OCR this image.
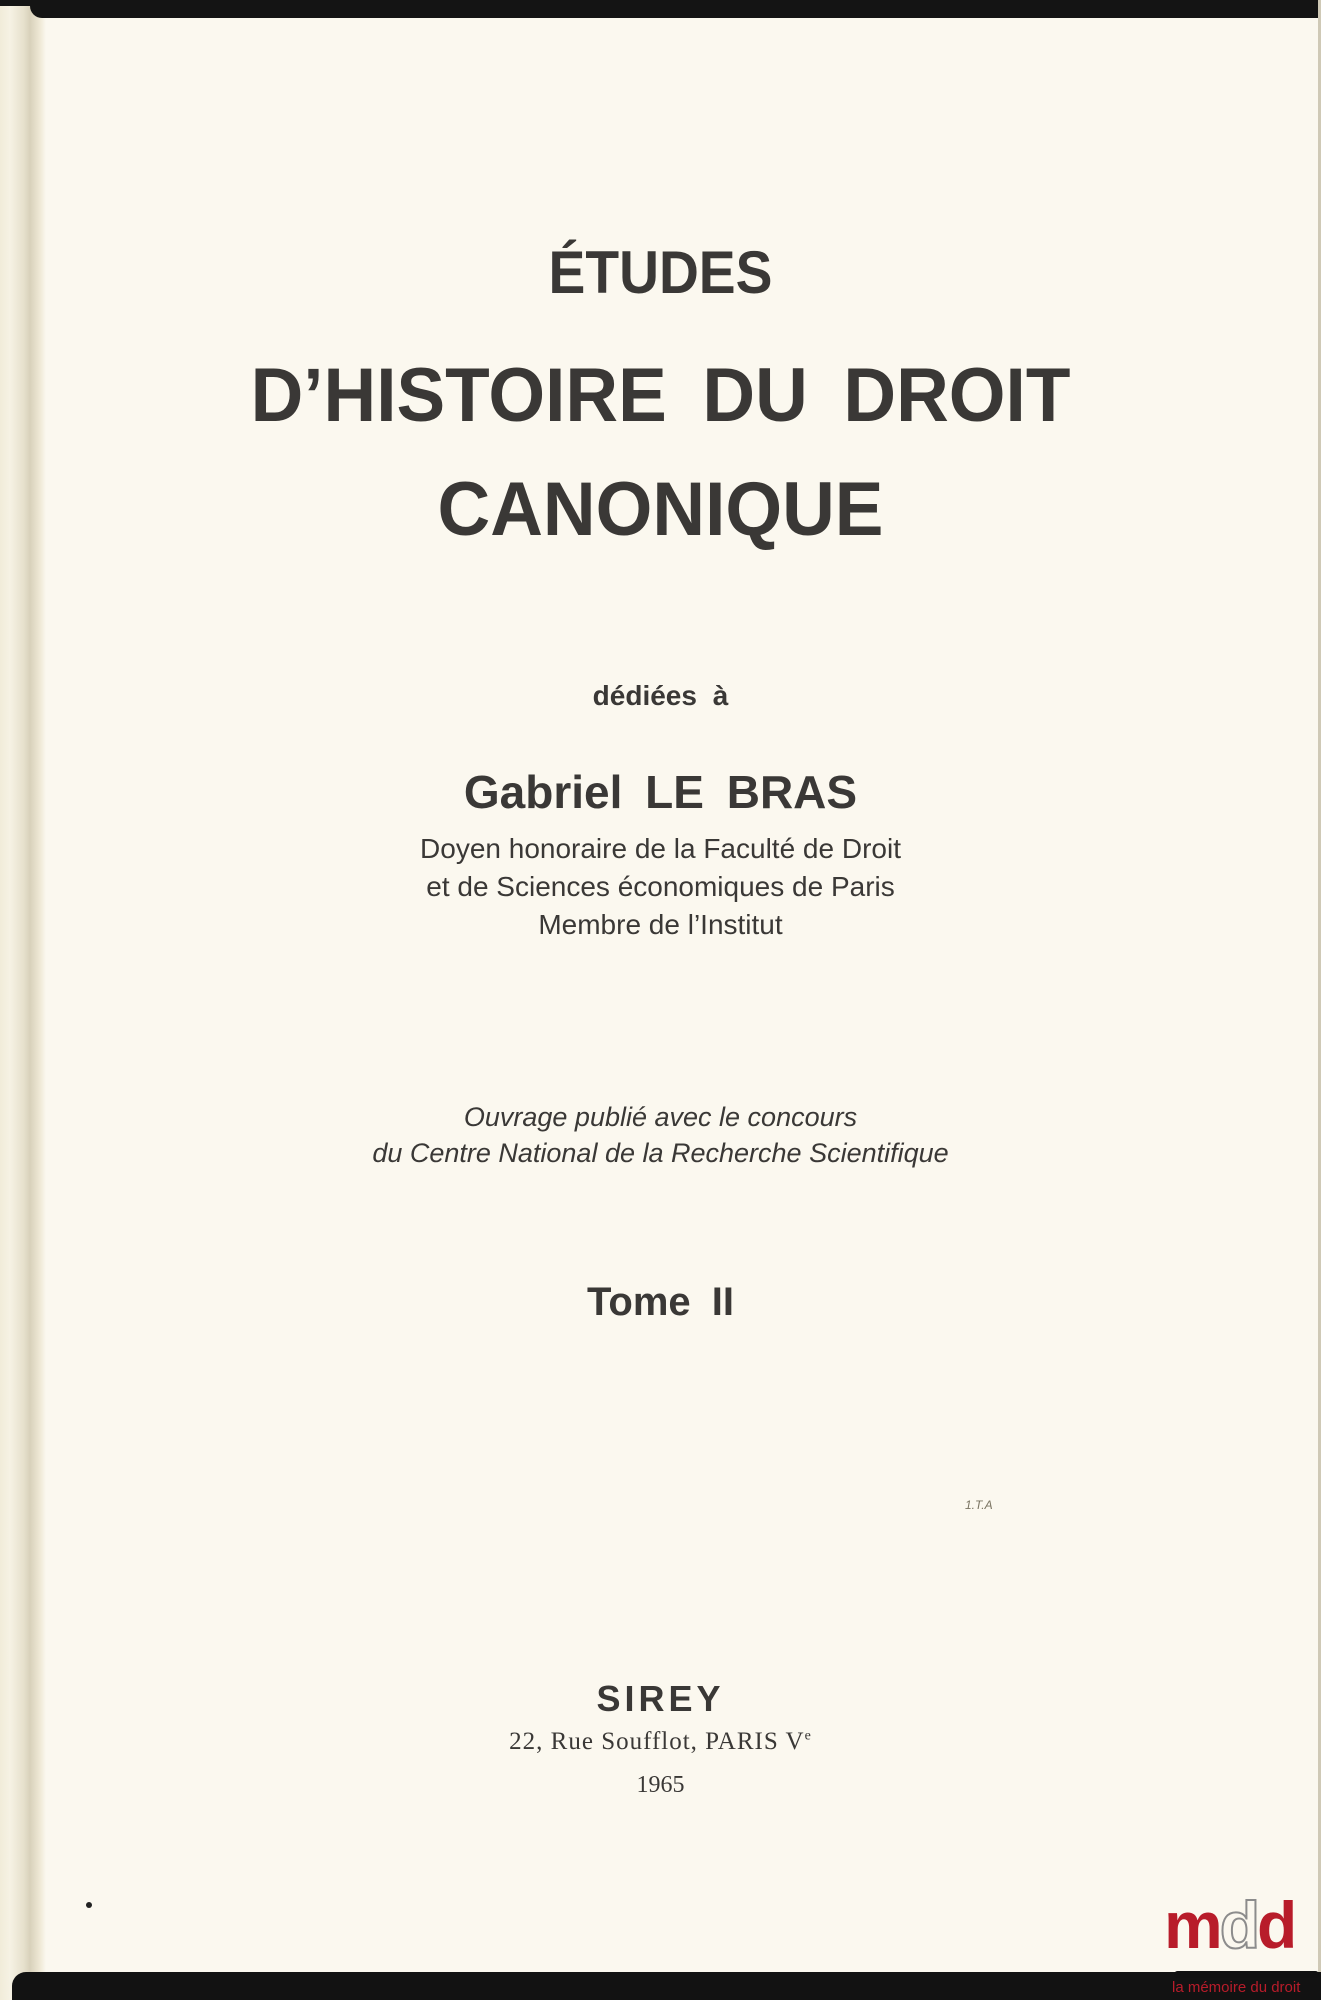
ÉTUDES
D’HISTOIRE DU DROIT
CANONIQUE
dédiées à
Gabriel LE BRAS
Doyen honoraire de la Faculté de Droit
et de Sciences économiques de Paris
Membre de l’Institut
Ouvrage publié avec le concours
du Centre National de la Recherche Scientifique
Tome II
1.T.A
SIREY
22, Rue Soufflot, PARIS Ve
1965
mdd
la mémoire du droit
